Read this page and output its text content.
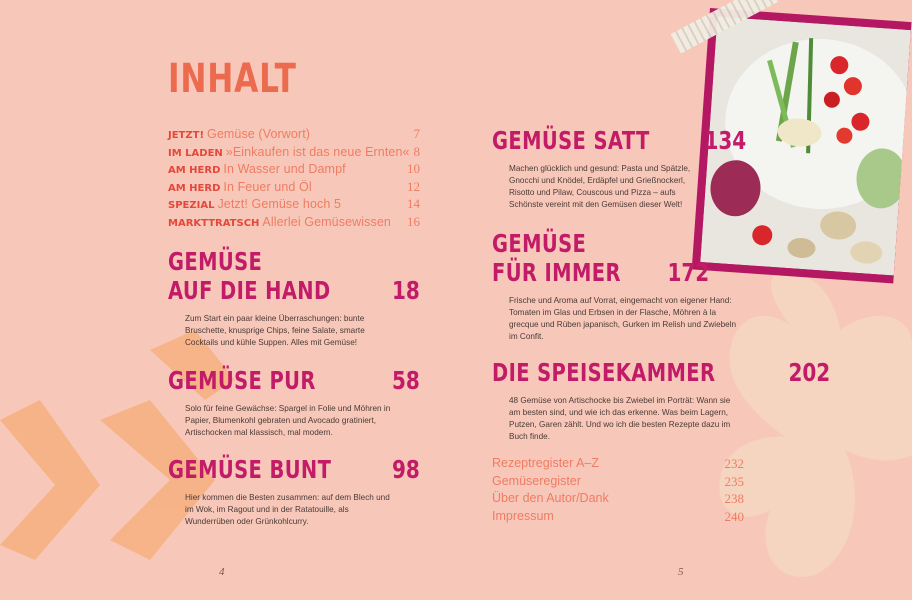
INHALT
JETZT! Gemüse (Vorwort)	7
IM LADEN »Einkaufen ist das neue Ernten« 8
AM HERD In Wasser und Dampf	10
AM HERD In Feuer und Öl	12
SPEZIAL Jetzt! Gemüse hoch 5	14
MARKTTRATSCH Allerlei Gemüsewissen 16
GEMÜSE
AUF DIE HAND 18
Zum Start ein paar kleine Überraschungen: bunte Bruschette, knusprige Chips, feine Salate, smarte Cocktails und kühle Suppen. Alles mit Gemüse!
GEMÜSE PUR	58
Solo für feine Gewächse: Spargel in Folie und Möhren in Papier, Blumenkohl gebraten und Avocado gratiniert, Artischocken mal klassisch, mal modern.
GEMÜSE BUNT 98
Hier kommen die Besten zusammen: auf dem Blech und im Wok, im Ragout und in der Ratatouille, als Wunderrüben oder Grünkohlcurry.
GEMÜSE SATT 134
Machen glücklich und gesund: Pasta und Spätzle, Gnocchi und Knödel, Erdäpfel und Grießnockerl, Risotto und Pilaw, Couscous und Pizza – aufs Schönste vereint mit den Gemüsen dieser Welt!
GEMÜSE
FÜR IMMER 172
Frische und Aroma auf Vorrat, eingemacht von eigener Hand: Tomaten im Glas und Erbsen in der Flasche, Möhren à la grecque und Rüben japanisch, Gurken im Relish und Zwiebeln im Confit.
DIE SPEISEKAMMER	202
48 Gemüse von Artischocke bis Zwiebel im Porträt: Wann sie am besten sind, und wie ich das erkenne. Was beim Lagern, Putzen, Garen zählt. Und wo ich die besten Rezepte dazu im Buch finde.
Rezeptregister A–Z	232
Gemüseregister	235
Über den Autor/Dank	238
Impressum	240
4	5
